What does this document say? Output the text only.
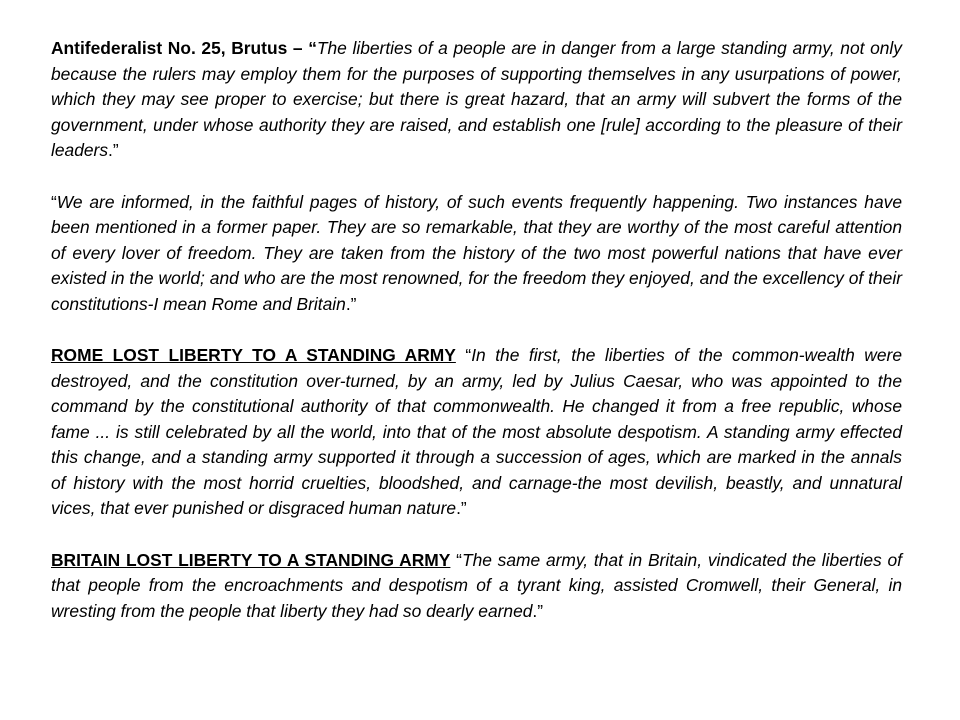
Antifederalist No. 25, Brutus – “The liberties of a people are in danger from a large standing army, not only because the rulers may employ them for the purposes of supporting themselves in any usurpations of power, which they may see proper to exercise; but there is great hazard, that an army will subvert the forms of the government, under whose authority they are raised, and establish one [rule] according to the pleasure of their leaders.”

“We are informed, in the faithful pages of history, of such events frequently happening. Two instances have been mentioned in a former paper. They are so remarkable, that they are worthy of the most careful attention of every lover of freedom. They are taken from the history of the two most powerful nations that have ever existed in the world; and who are the most renowned, for the freedom they enjoyed, and the excellency of their constitutions-I mean Rome and Britain.”

ROME LOST LIBERTY TO A STANDING ARMY “In the first, the liberties of the common-wealth were destroyed, and the constitution over-turned, by an army, led by Julius Caesar, who was appointed to the command by the constitutional authority of that commonwealth. He changed it from a free republic, whose fame ... is still celebrated by all the world, into that of the most absolute despotism. A standing army effected this change, and a standing army supported it through a succession of ages, which are marked in the annals of history with the most horrid cruelties, bloodshed, and carnage-the most devilish, beastly, and unnatural vices, that ever punished or disgraced human nature.”

BRITAIN LOST LIBERTY TO A STANDING ARMY “The same army, that in Britain, vindicated the liberties of that people from the encroachments and despotism of a tyrant king, assisted Cromwell, their General, in wresting from the people that liberty they had so dearly earned.”
